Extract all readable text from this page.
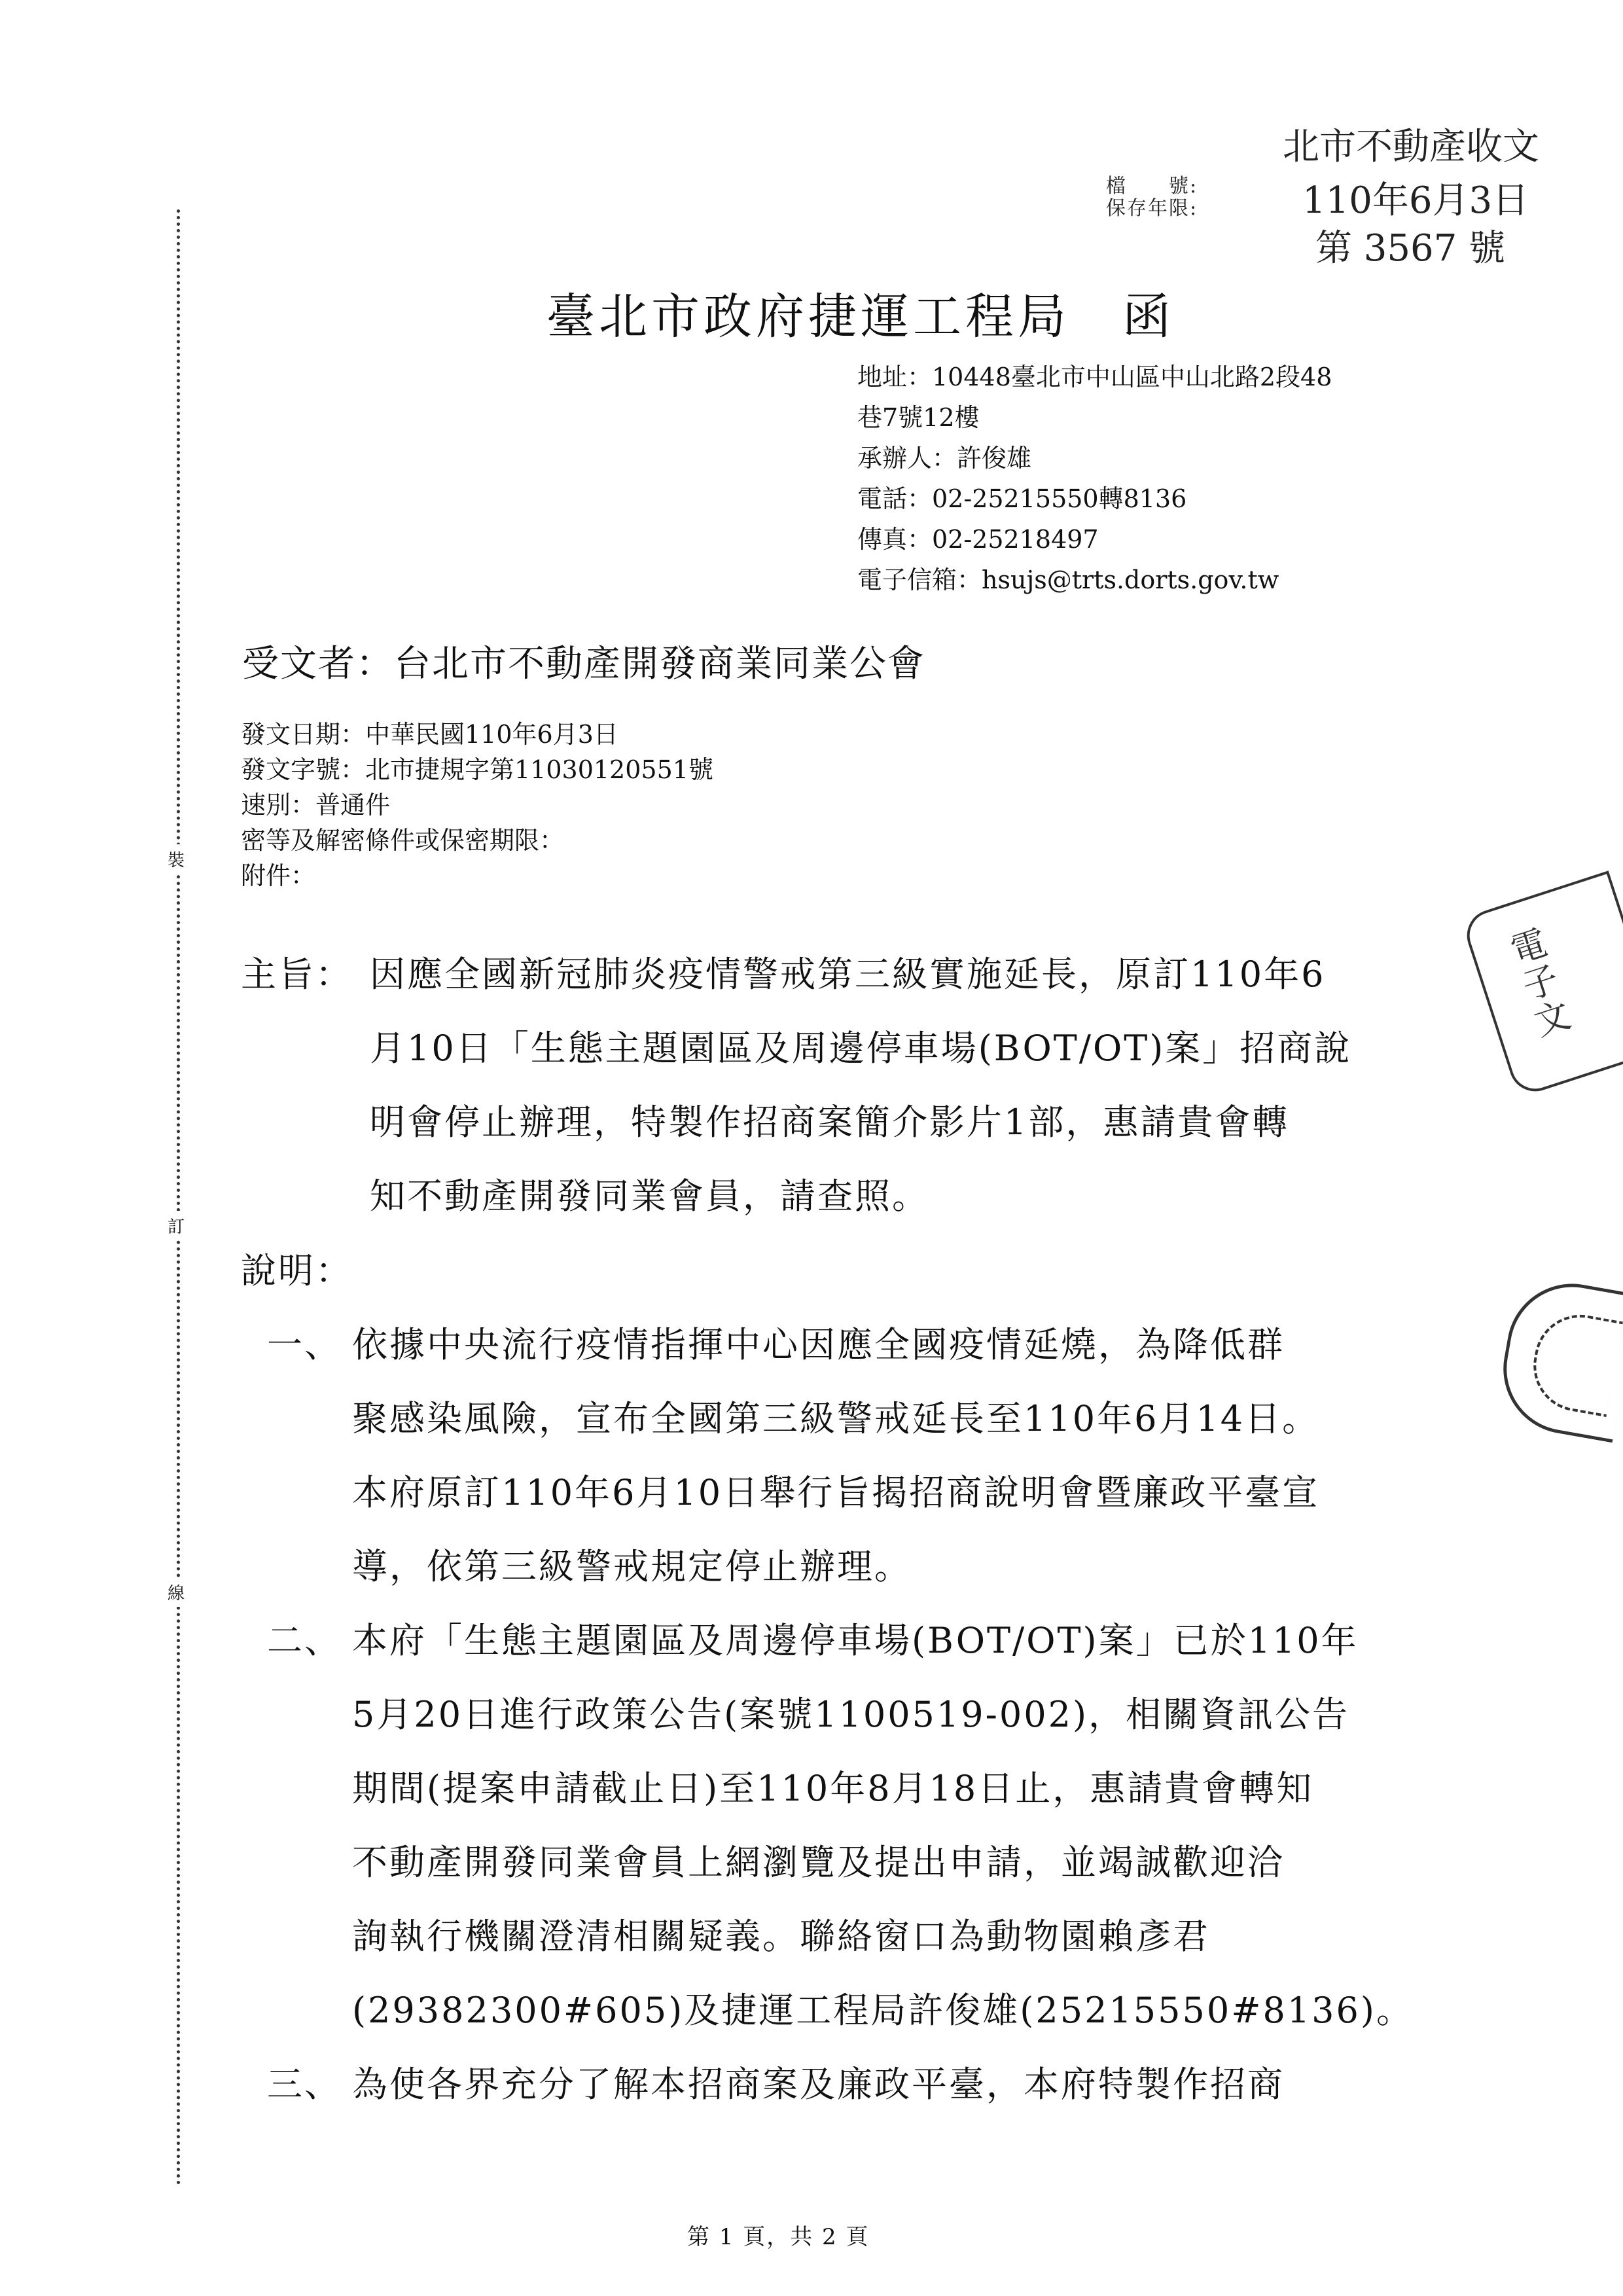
裝
訂
線
北市不動產收文
檔　　號:
保存年限:	110年6月3日
第 3567 號
臺北市政府捷運工程局　函
地址：10448臺北市中山區中山北路2段48
巷7號12樓
承辦人：許俊雄
電話：02-25215550轉8136
傳真：02-25218497
電子信箱：hsujs@trts.dorts.gov.tw
受文者：台北市不動產開發商業同業公會
發文日期：中華民國110年6月3日
發文字號：北市捷規字第11030120551號
速別：普通件
密等及解密條件或保密期限：
附件：
主旨： 因應全國新冠肺炎疫情警戒第三級實施延長，原訂110年6
月10日「生態主題園區及周邊停車場(BOT/OT)案」招商說
明會停止辦理，特製作招商案簡介影片1部，惠請貴會轉
知不動產開發同業會員，請查照。
說明：
一、 依據中央流行疫情指揮中心因應全國疫情延燒，為降低群
聚感染風險，宣布全國第三級警戒延長至110年6月14日。
本府原訂110年6月10日舉行旨揭招商說明會暨廉政平臺宣
導，依第三級警戒規定停止辦理。
二、 本府「生態主題園區及周邊停車場(BOT/OT)案」已於110年
5月20日進行政策公告(案號1100519-002)，相關資訊公告
期間(提案申請截止日)至110年8月18日止，惠請貴會轉知
不動產開發同業會員上網瀏覽及提出申請，並竭誠歡迎洽
詢執行機關澄清相關疑義。聯絡窗口為動物園賴彥君
(29382300#605)及捷運工程局許俊雄(25215550#8136)。
三、 為使各界充分了解本招商案及廉政平臺，本府特製作招商
電子文
第 1 頁，共 2 頁
